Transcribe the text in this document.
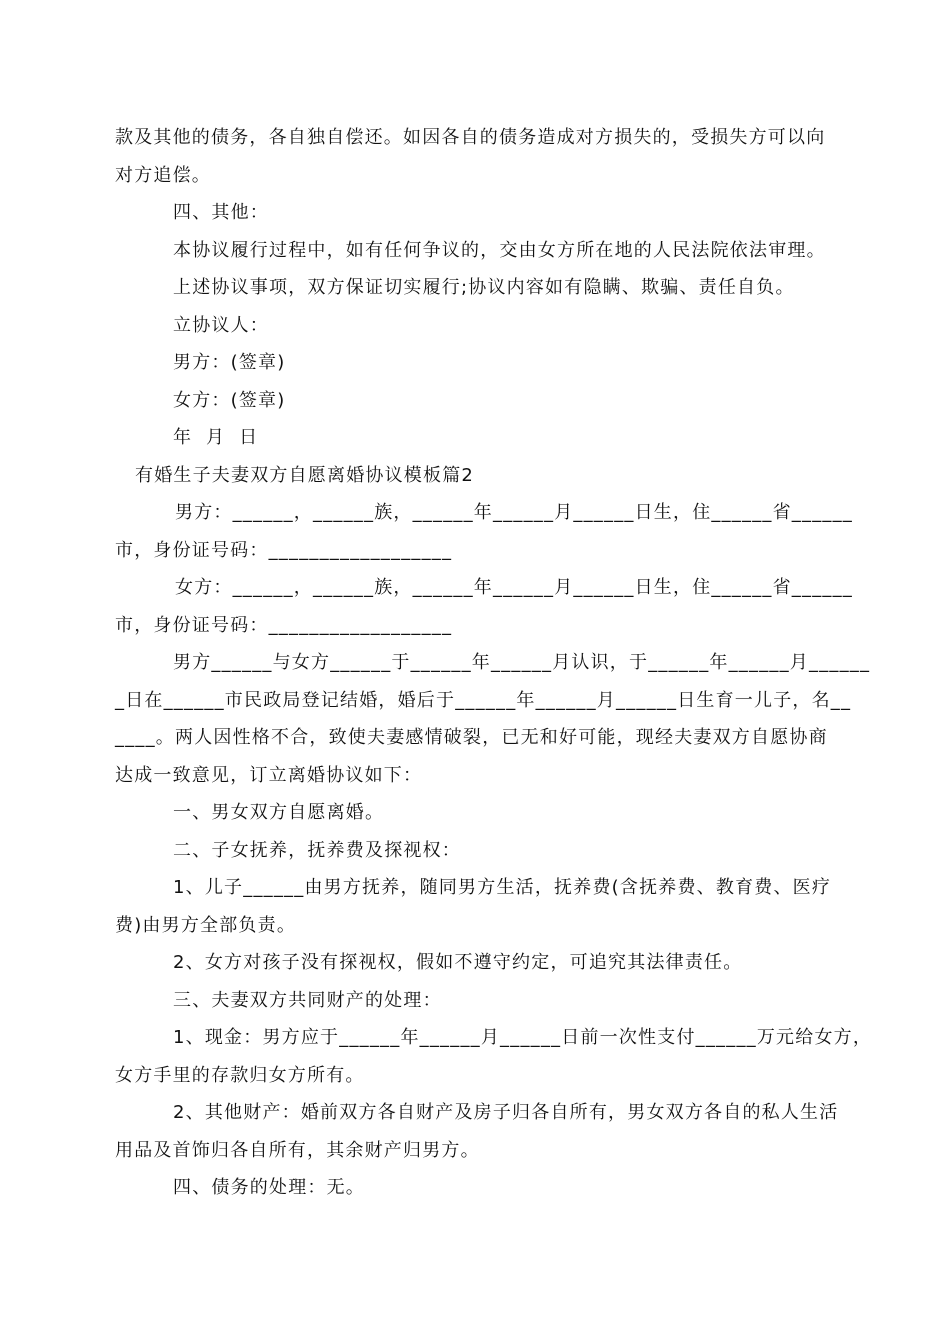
款及其他的债务，各自独自偿还。如因各自的债务造成对方损失的，受损失方可以向
对方追偿。
四、其他：
本协议履行过程中，如有任何争议的，交由女方所在地的人民法院依法审理。
上述协议事项，双方保证切实履行;协议内容如有隐瞒、欺骗、责任自负。
立协议人：
男方：(签章)
女方：(签章)
年  月  日
有婚生子夫妻双方自愿离婚协议模板篇2
男方：______，______族，______年______月______日生，住______省______
市，身份证号码：__________________
女方：______，______族，______年______月______日生，住______省______
市，身份证号码：__________________
男方______与女方______于______年______月认识，于______年______月______
_日在______市民政局登记结婚，婚后于______年______月______日生育一儿子，名__
____。两人因性格不合，致使夫妻感情破裂，已无和好可能，现经夫妻双方自愿协商
达成一致意见，订立离婚协议如下：
一、男女双方自愿离婚。
二、子女抚养，抚养费及探视权：
1、儿子______由男方抚养，随同男方生活，抚养费(含抚养费、教育费、医疗
费)由男方全部负责。
2、女方对孩子没有探视权，假如不遵守约定，可追究其法律责任。
三、夫妻双方共同财产的处理：
1、现金：男方应于______年______月______日前一次性支付______万元给女方，
女方手里的存款归女方所有。
2、其他财产：婚前双方各自财产及房子归各自所有，男女双方各自的私人生活
用品及首饰归各自所有，其余财产归男方。
四、债务的处理：无。
